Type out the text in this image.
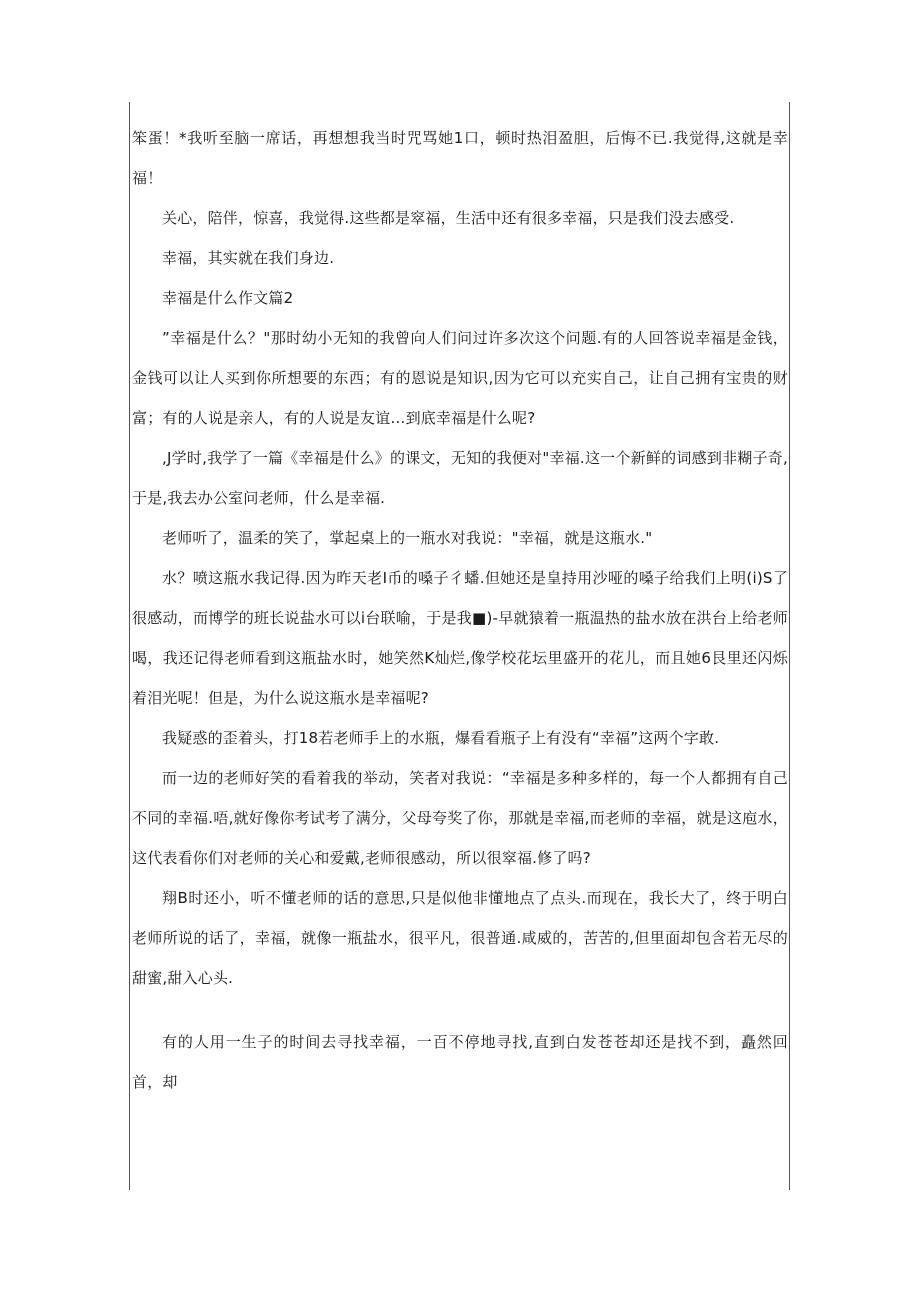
笨蛋！*我听至脑一席话，再想想我当时咒骂她1口，顿时热泪盈胆，后悔不已.我觉得,这就是幸福！

关心，陪伴，惊喜，我觉得.这些都是窣福，生活中还有很多幸福，只是我们没去感受.

幸福，其实就在我们身边.

幸福是什么作文篇2

”幸福是什么？"那时幼小无知的我曾向人们问过许多次这个问题.有的人回答说幸福是金钱，金钱可以让人买到你所想要的东西；有的恩说是知识,因为它可以充实自己，让自己拥有宝贵的财富；有的人说是亲人，有的人说是友谊…到底幸福是什么呢?

,J学时,我学了一篇《幸福是什么》的课文，无知的我便对"幸福.这一个新鲜的词感到非糊子奇,于是,我去办公室问老师，什么是幸福.

老师听了，温柔的笑了，掌起桌上的一瓶水对我说："幸福，就是这瓶水."

水？喷这瓶水我记得.因为昨天老I币的嗓子彳蟠.但她还是皇持用沙哑的嗓子给我们上明(i)S了很感动，而博学的班长说盐水可以i台联喻，于是我■)-早就猿着一瓶温热的盐水放在洪台上给老师喝，我还记得老师看到这瓶盐水时，她笑然K灿烂,像学校花坛里盛开的花儿，而且她6艮里还闪烁着泪光呢！但是，为什么说这瓶水是幸福呢?

我疑惑的歪着头，打18若老师手上的水瓶，爆看看瓶子上有没有“幸福”这两个字敢.

而一边的老师好笑的看着我的举动，笑者对我说：“幸福是多种多样的，每一个人都拥有自己不同的幸福.唔,就好像你考试考了满分，父母夸奖了你，那就是幸福,而老师的幸福，就是这庖水，这代表看你们对老师的关心和爱戴,老师很感动，所以很窣福.修了吗?

翔B时还小，听不懂老师的话的意思,只是似他非懂地点了点头.而现在，我长大了，终于明白老师所说的话了，幸福，就像一瓶盐水，很平凡，很普通.咸威的，苦苦的,但里面却包含若无尽的甜蜜,甜入心头.

有的人用一生子的时间去寻找幸福，一百不停地寻找,直到白发苍苍却还是找不到，矗然回首，却
